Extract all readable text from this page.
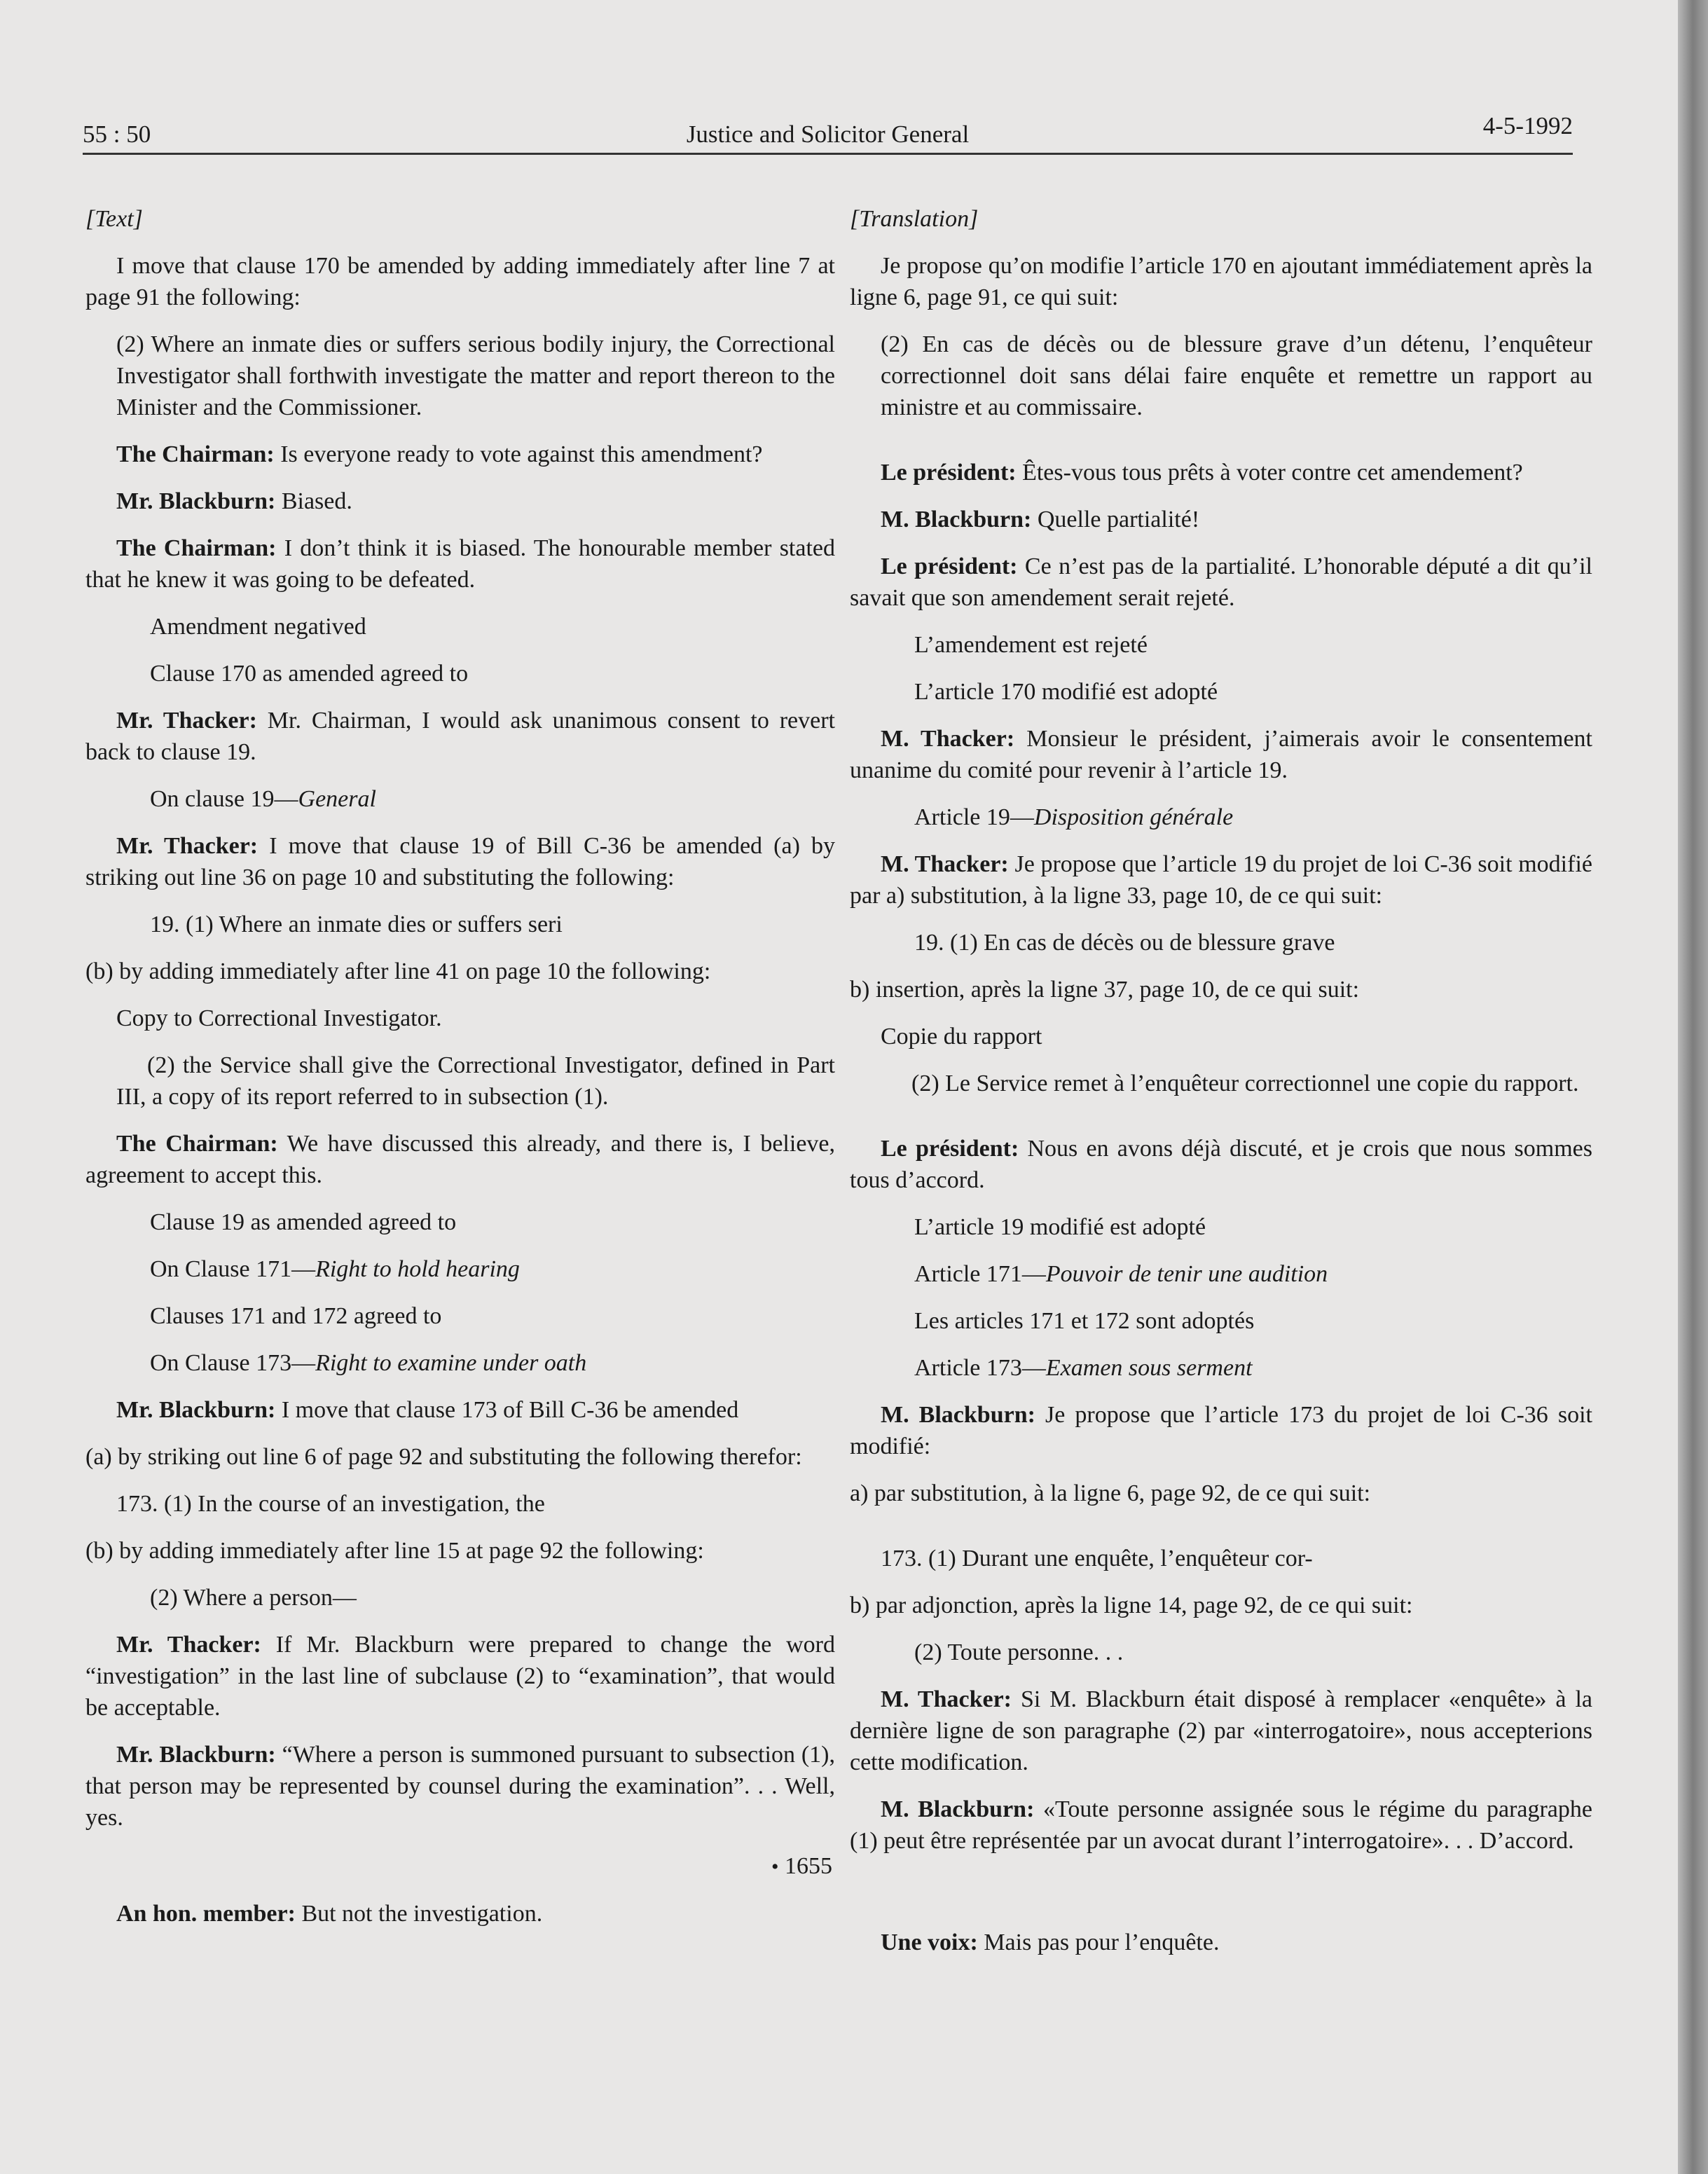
55 : 50	Justice and Solicitor General	4-5-1992

[Text]

I move that clause 170 be amended by adding immediately after line 7 at page 91 the following:

(2) Where an inmate dies or suffers serious bodily injury, the Correctional Investigator shall forthwith investigate the matter and report thereon to the Minister and the Commissioner.

The Chairman: Is everyone ready to vote against this amendment?

Mr. Blackburn: Biased.

The Chairman: I don’t think it is biased. The honourable member stated that he knew it was going to be defeated.

Amendment negatived

Clause 170 as amended agreed to

Mr. Thacker: Mr. Chairman, I would ask unanimous consent to revert back to clause 19.

On clause 19—General

Mr. Thacker: I move that clause 19 of Bill C-36 be amended (a) by striking out line 36 on page 10 and substituting the following:

19. (1) Where an inmate dies or suffers seri

(b) by adding immediately after line 41 on page 10 the following:

Copy to Correctional Investigator.

(2) the Service shall give the Correctional Investigator, defined in Part III, a copy of its report referred to in subsection (1).

The Chairman: We have discussed this already, and there is, I believe, agreement to accept this.

Clause 19 as amended agreed to

On Clause 171—Right to hold hearing

Clauses 171 and 172 agreed to

On Clause 173—Right to examine under oath

Mr. Blackburn: I move that clause 173 of Bill C-36 be amended

(a) by striking out line 6 of page 92 and substituting the following therefor:

173. (1) In the course of an investigation, the

(b) by adding immediately after line 15 at page 92 the following:

(2) Where a person—

Mr. Thacker: If Mr. Blackburn were prepared to change the word “investigation” in the last line of subclause (2) to “examination”, that would be acceptable.

Mr. Blackburn: “Where a person is summoned pursuant to subsection (1), that person may be represented by counsel during the examination”. . . Well, yes.

• 1655

An hon. member: But not the investigation.

[Translation]

Je propose qu’on modifie l’article 170 en ajoutant immédiatement après la ligne 6, page 91, ce qui suit:

(2) En cas de décès ou de blessure grave d’un détenu, l’enquêteur correctionnel doit sans délai faire enquête et remettre un rapport au ministre et au commissaire.

Le président: Êtes-vous tous prêts à voter contre cet amendement?

M. Blackburn: Quelle partialité!

Le président: Ce n’est pas de la partialité. L’honorable député a dit qu’il savait que son amendement serait rejeté.

L’amendement est rejeté

L’article 170 modifié est adopté

M. Thacker: Monsieur le président, j’aimerais avoir le consentement unanime du comité pour revenir à l’article 19.

Article 19—Disposition générale

M. Thacker: Je propose que l’article 19 du projet de loi C-36 soit modifié par a) substitution, à la ligne 33, page 10, de ce qui suit:

19. (1) En cas de décès ou de blessure grave

b) insertion, après la ligne 37, page 10, de ce qui suit:

Copie du rapport

(2) Le Service remet à l’enquêteur correctionnel une copie du rapport.

Le président: Nous en avons déjà discuté, et je crois que nous sommes tous d’accord.

L’article 19 modifié est adopté

Article 171—Pouvoir de tenir une audition

Les articles 171 et 172 sont adoptés

Article 173—Examen sous serment

M. Blackburn: Je propose que l’article 173 du projet de loi C-36 soit modifié:

a) par substitution, à la ligne 6, page 92, de ce qui suit:

173. (1) Durant une enquête, l’enquêteur cor-

b) par adjonction, après la ligne 14, page 92, de ce qui suit:

(2) Toute personne. . .

M. Thacker: Si M. Blackburn était disposé à remplacer «enquête» à la dernière ligne de son paragraphe (2) par «interrogatoire», nous accepterions cette modification.

M. Blackburn: «Toute personne assignée sous le régime du paragraphe (1) peut être représentée par un avocat durant l’interrogatoire». . . D’accord.

Une voix: Mais pas pour l’enquête.
